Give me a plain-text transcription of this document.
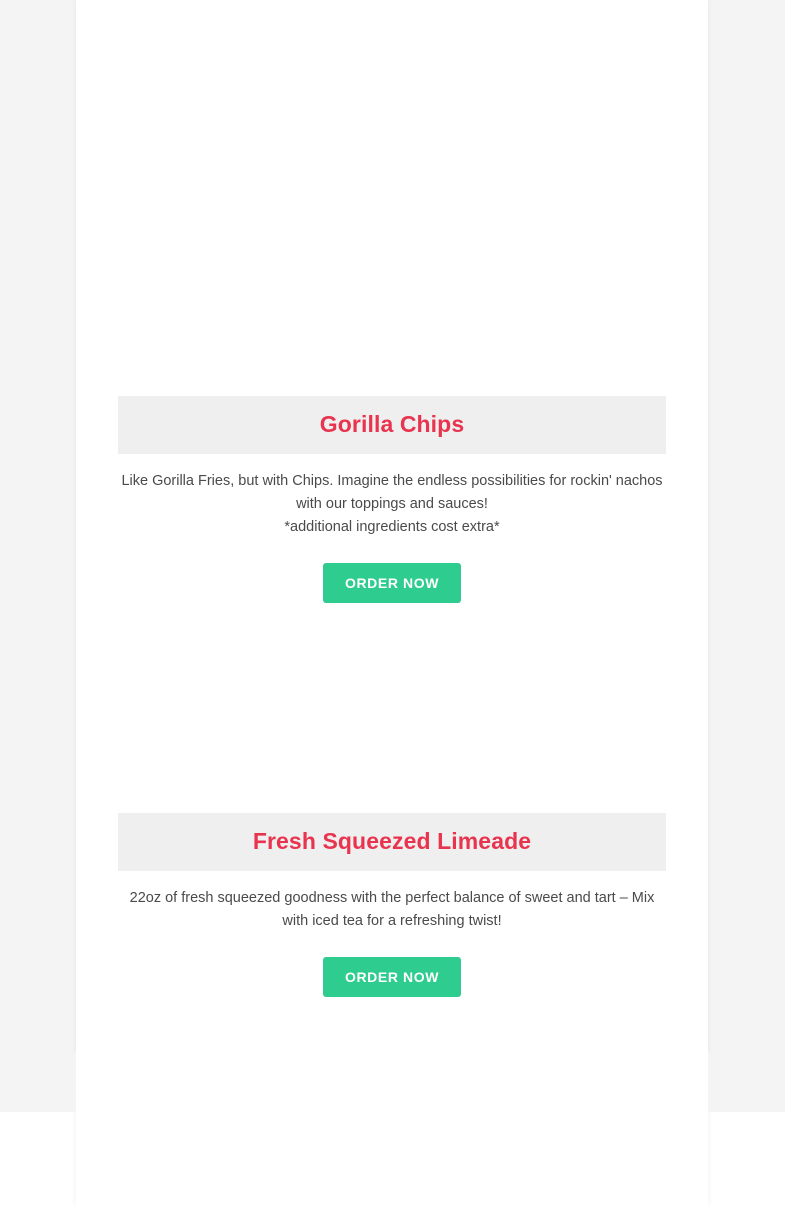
Gorilla Chips
Like Gorilla Fries, but with Chips. Imagine the endless possibilities for rockin' nachos with our toppings and sauces!
*additional ingredients cost extra*
ORDER NOW
Fresh Squeezed Limeade
22oz of fresh squeezed goodness with the perfect balance of sweet and tart – Mix with iced tea for a refreshing twist!
ORDER NOW
